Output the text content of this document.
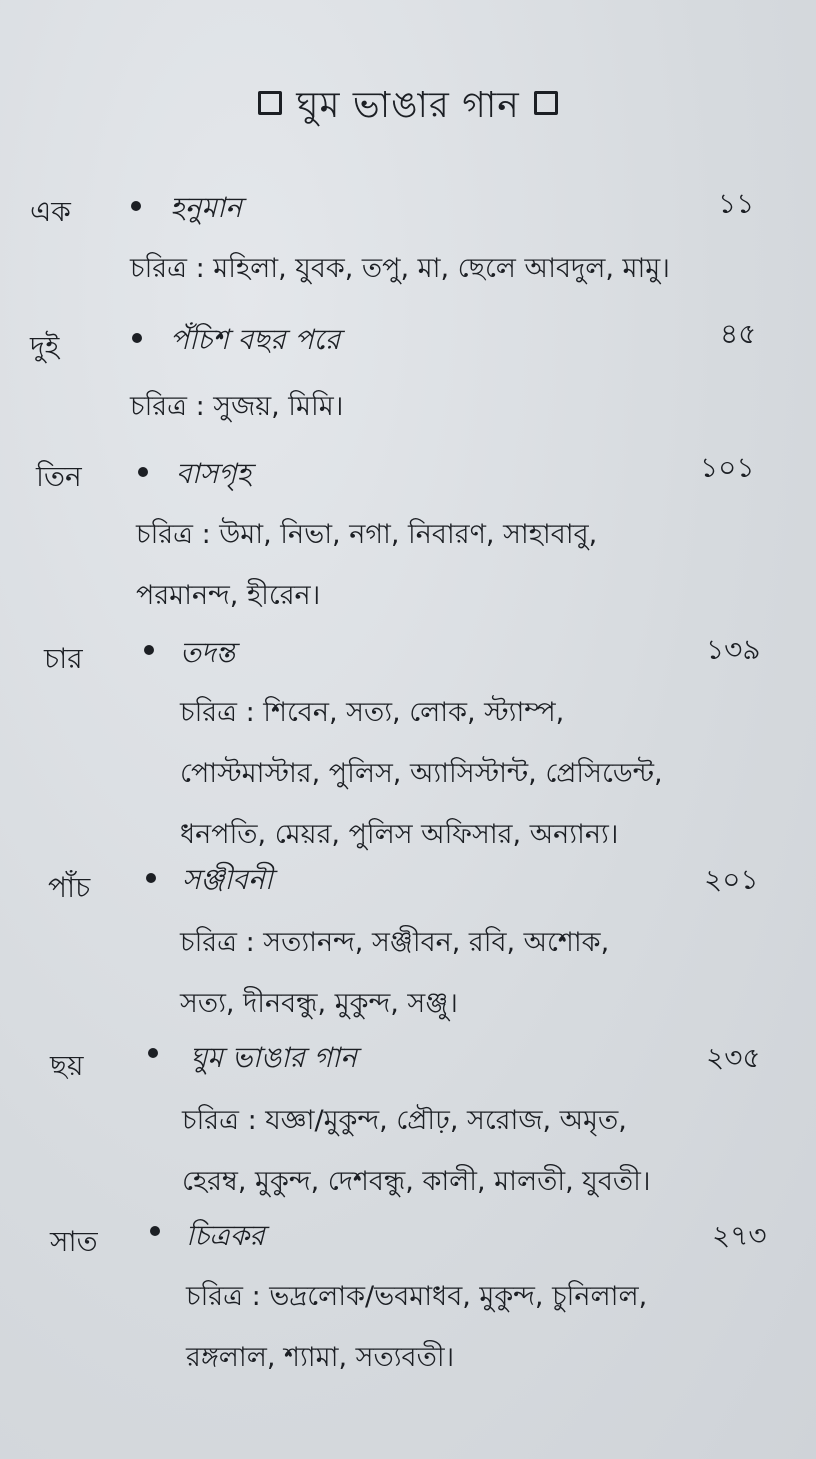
ঘুম ভাঙার গান
এক	হনুমান	১১
চরিত্র : মহিলা, যুবক, তপু, মা, ছেলে আবদুল, মামু।
দুই	পঁচিশ বছর পরে	৪৫
চরিত্র : সুজয়, মিমি।
তিন	বাসগৃহ	১০১
চরিত্র : উমা, নিভা, নগা, নিবারণ, সাহাবাবু,
পরমানন্দ, হীরেন।
চার	তদন্ত	১৩৯
চরিত্র : শিবেন, সত্য, লোক, স্ট্যাম্প,
পোস্টমাস্টার, পুলিস, অ্যাসিস্টান্ট, প্রেসিডেন্ট,
ধনপতি, মেয়র, পুলিস অফিসার, অন্যান্য।
পাঁচ	সঞ্জীবনী	২০১
চরিত্র : সত্যানন্দ, সঞ্জীবন, রবি, অশোক,
সত্য, দীনবন্ধু, মুকুন্দ, সঞ্জু।
ছয়	ঘুম ভাঙার গান	২৩৫
চরিত্র : যজ্ঞা/মুকুন্দ, প্রৌঢ়, সরোজ, অমৃত,
হেরম্ব, মুকুন্দ, দেশবন্ধু, কালী, মালতী, যুবতী।
সাত	চিত্রকর	২৭৩
চরিত্র : ভদ্রলোক/ভবমাধব, মুকুন্দ, চুনিলাল,
রঙ্গলাল, শ্যামা, সত্যবতী।
